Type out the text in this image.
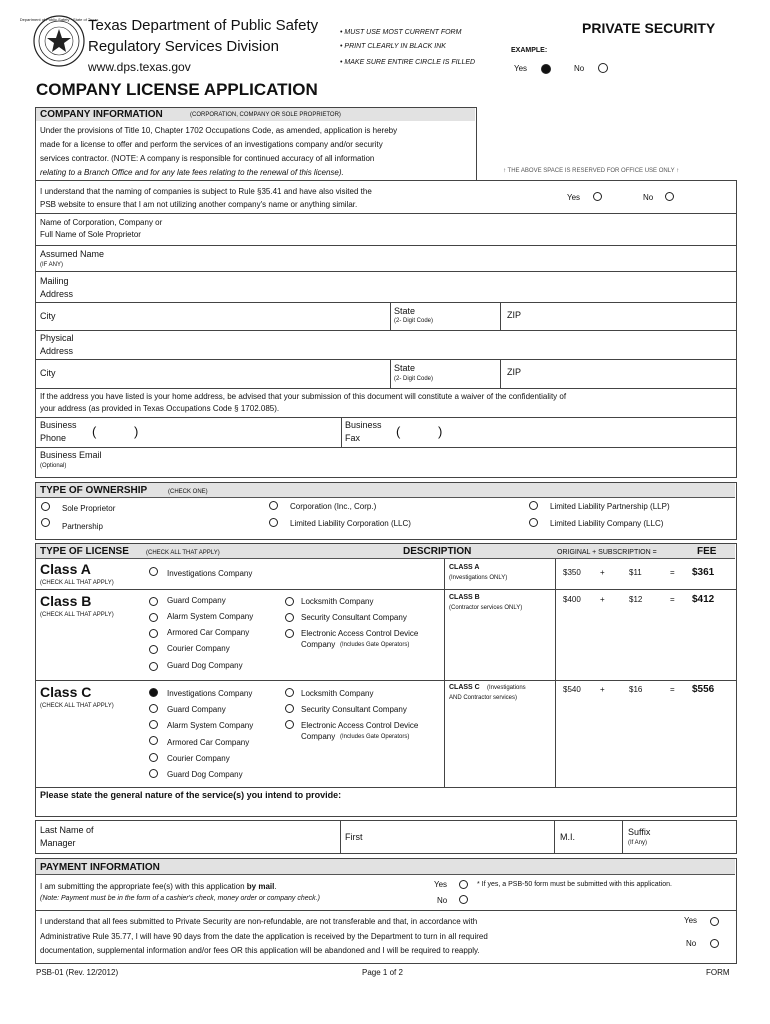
Department of Public Safety · State of Texas
Texas Department of Public Safety
Regulatory Services Division
www.dps.texas.gov
• MUST USE MOST CURRENT FORM
• PRINT CLEARLY IN BLACK INK
• MAKE SURE ENTIRE CIRCLE IS FILLED
PRIVATE SECURITY
EXAMPLE:
Yes	No
COMPANY LICENSE APPLICATION
COMPANY INFORMATION	(CORPORATION, COMPANY OR SOLE PROPRIETOR)
Under the provisions of Title 10, Chapter 1702 Occupations Code, as amended, application is hereby
made for a license to offer and perform the services of an investigations company and/or security
services contractor. (NOTE: A company is responsible for continued accuracy of all information
relating to a Branch Office and for any late fees relating to the renewal of this license).	↑ THE ABOVE SPACE IS RESERVED FOR OFFICE USE ONLY ↑
I understand that the naming of companies is subject to Rule §35.41 and have also visited the
PSB website to ensure that I am not utilizing another company's name or anything similar.
Yes	No
Name of Corporation, Company or
Full Name of Sole Proprietor
Assumed Name
(IF ANY)
Mailing
Address
City	State
(2- Digit Code)
ZIP
Physical
Address
City	State
(2- Digit Code)
ZIP
If the address you have listed is your home address, be advised that your submission of this document will constitute a waiver of the confidentiality of
your address (as provided in Texas Occupations Code § 1702.085).
Business
Phone (	)	Business
Fax	(	)
Business Email
(Optional)
TYPE OF OWNERSHIP	(CHECK ONE)
Sole Proprietor	Corporation (Inc., Corp.)	Limited Liability Partnership (LLP)
Partnership	Limited Liability Corporation (LLC)	Limited Liability Company (LLC)
TYPE OF LICENSE	(CHECK ALL THAT APPLY)	DESCRIPTION	ORIGINAL + SUBSCRIPTION =	FEE
Class A
(CHECK ALL THAT APPLY)
Investigations Company
CLASS A
(Investigations ONLY)
$350 +	$11	= $361
Class B
(CHECK ALL THAT APPLY)
Guard Company
Alarm System Company
Armored Car Company
Courier Company
Guard Dog Company
Locksmith Company
Security Consultant Company
Electronic Access Control Device
Company (Includes Gate Operators)
CLASS B
(Contractor services ONLY)
$400 +	$12	= $412
Class C
(CHECK ALL THAT APPLY)
Investigations Company
Guard Company
Alarm System Company
Armored Car Company
Courier Company
Guard Dog Company
Locksmith Company
Security Consultant Company
Electronic Access Control Device
Company (Includes Gate Operators)
CLASS C (Investigations
AND Contractor services)
$540 +	$16	= $556
Please state the general nature of the service(s) you intend to provide:
Last Name of
Manager
First	M.I.	Suffix
(If Any)
PAYMENT INFORMATION
I am submitting the appropriate fee(s) with this application by mail.
(Note: Payment must be in the form of a cashier's check, money order or company check.)
Yes	* If yes, a PSB-50 form must be submitted with this application.
No
I understand that all fees submitted to Private Security are non-refundable, are not transferable and that, in accordance with
Administrative Rule 35.77, I will have 90 days from the date the application is received by the Department to turn in all required
documentation, supplemental information and/or fees OR this application will be abandoned and I will be required to reapply.
Yes
No
PSB-01 (Rev. 12/2012)	Page 1 of 2	FORM
